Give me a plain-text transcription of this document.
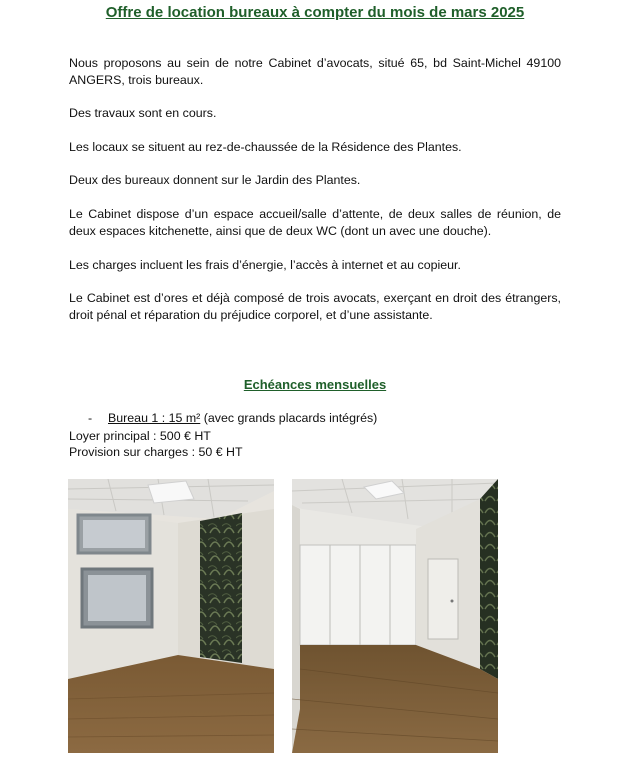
Offre de location bureaux à compter du mois de mars 2025

Nous proposons au sein de notre Cabinet d’avocats, situé 65, bd Saint-Michel 49100 ANGERS, trois bureaux.

Des travaux sont en cours.

Les locaux se situent au rez-de-chaussée de la Résidence des Plantes.

Deux des bureaux donnent sur le Jardin des Plantes.

Le Cabinet dispose d’un espace accueil/salle d’attente, de deux salles de réunion, de deux espaces kitchenette, ainsi que de deux WC (dont un avec une douche).

Les charges incluent les frais d’énergie, l’accès à internet et au copieur.

Le Cabinet est d’ores et déjà composé de trois avocats, exerçant en droit des étrangers, droit pénal et réparation du préjudice corporel, et d’une assistante.

Echéances mensuelles
- Bureau 1 : 15 m² (avec grands placards intégrés)
Loyer principal : 500 € HT
Provision sur charges : 50 € HT
